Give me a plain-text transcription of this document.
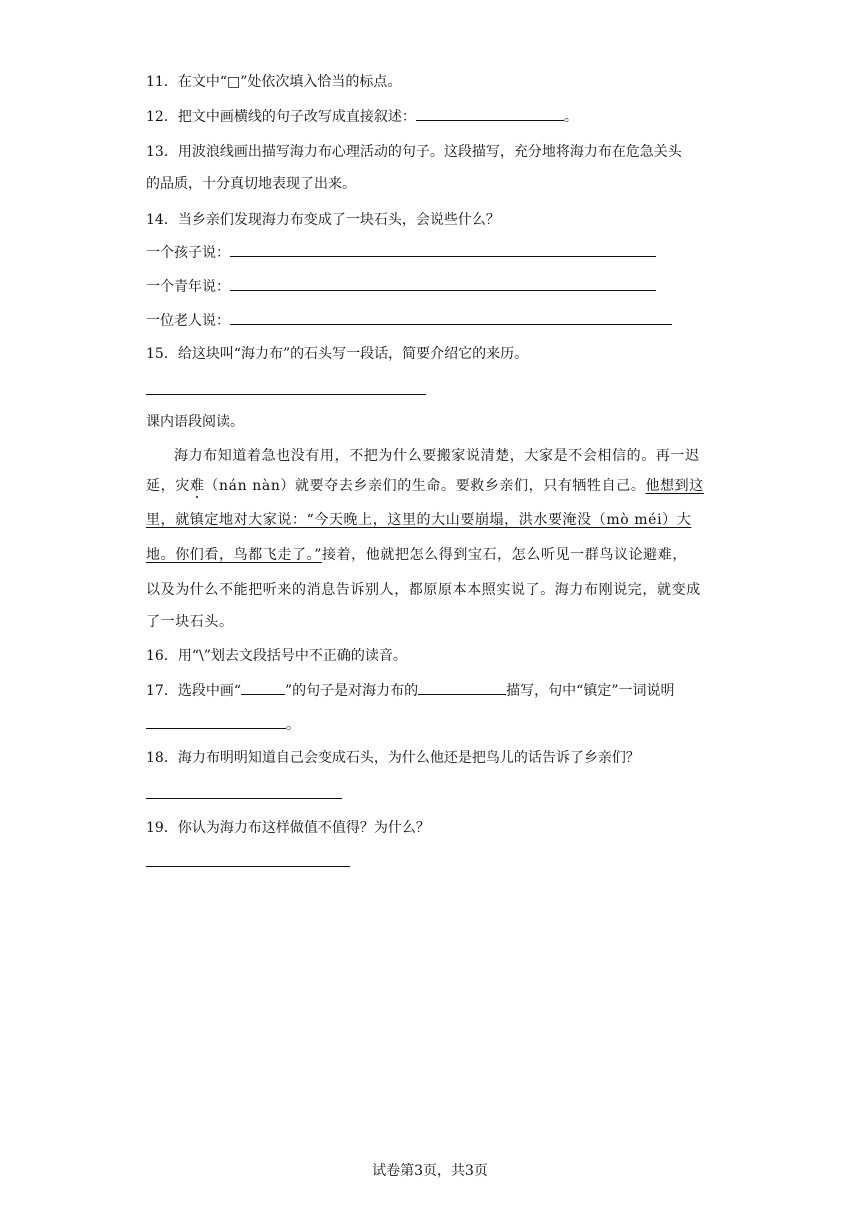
11．在文中“□”处依次填入恰当的标点。
12．把文中画横线的句子改写成直接叙述：	。
13．用波浪线画出描写海力布心理活动的句子。这段描写，充分地将海力布在危急关头
的品质，十分真切地表现了出来。
14．当乡亲们发现海力布变成了一块石头，会说些什么？
一个孩子说：
一个青年说：
一位老人说：
15．给这块叫“海力布”的石头写一段话，简要介绍它的来历。
课内语段阅读。
海力布知道着急也没有用，不把为什么要搬家说清楚，大家是不会相信的。再一迟
延，灾难（nán nàn）就要夺去乡亲们的生命。要救乡亲们，只有牺牲自己。他想到这
里，就镇定地对大家说：“今天晚上，这里的大山要崩塌，洪水要淹没（mò méi）大
地。你们看，鸟都飞走了。”接着，他就把怎么得到宝石，怎么听见一群鸟议论避难，
以及为什么不能把听来的消息告诉别人，都原原本本照实说了。海力布刚说完，就变成
了一块石头。
16．用“\”划去文段括号中不正确的读音。
17．选段中画“	”的句子是对海力布的	描写，句中“镇定”一词说明
。
18．海力布明明知道自己会变成石头，为什么他还是把鸟儿的话告诉了乡亲们？
19．你认为海力布这样做值不值得？为什么？
试卷第3页，共3页
